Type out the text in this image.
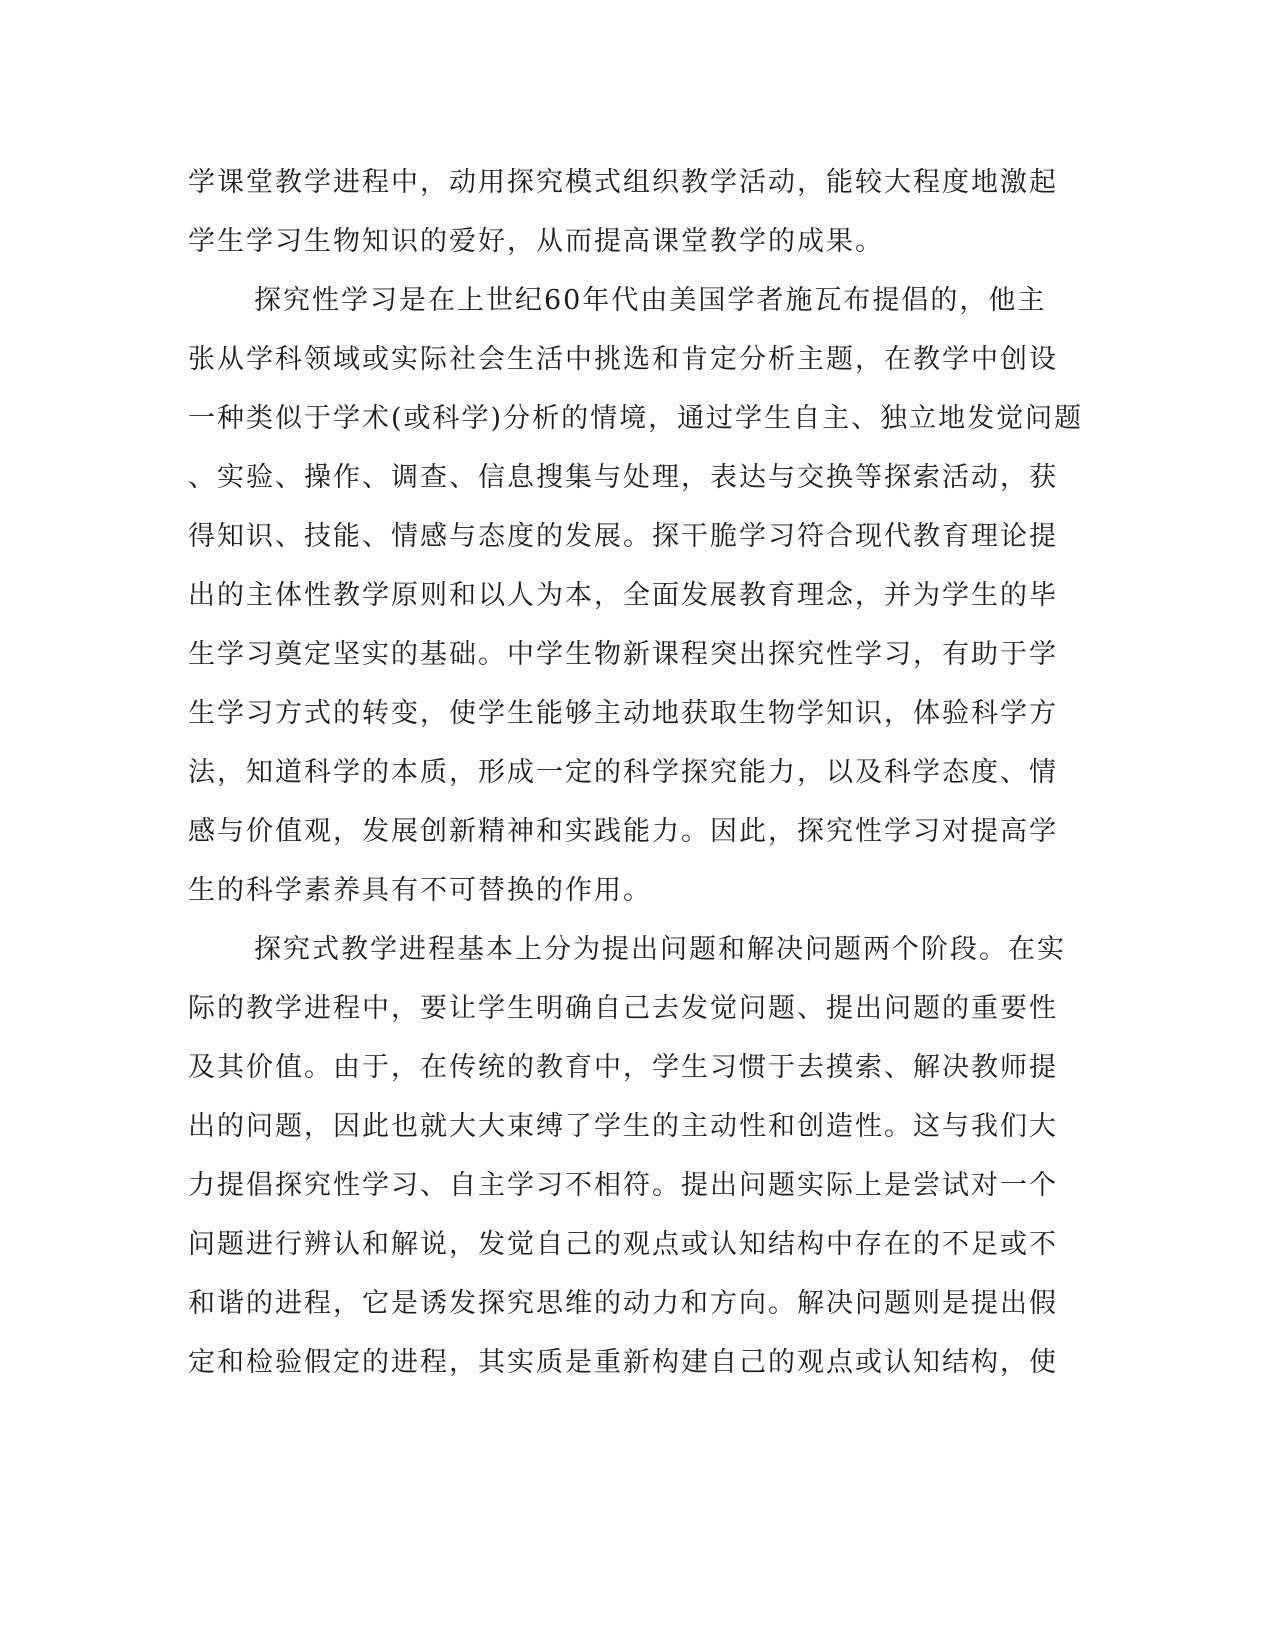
学课堂教学进程中，动用探究模式组织教学活动，能较大程度地激起

学生学习生物知识的爱好，从而提高课堂教学的成果。

探究性学习是在上世纪60年代由美国学者施瓦布提倡的，他主

张从学科领域或实际社会生活中挑选和肯定分析主题，在教学中创设

一种类似于学术(或科学)分析的情境，通过学生自主、独立地发觉问题

、实验、操作、调查、信息搜集与处理，表达与交换等探索活动，获

得知识、技能、情感与态度的发展。探干脆学习符合现代教育理论提

出的主体性教学原则和以人为本，全面发展教育理念，并为学生的毕

生学习奠定坚实的基础。中学生物新课程突出探究性学习，有助于学

生学习方式的转变，使学生能够主动地获取生物学知识，体验科学方

法，知道科学的本质，形成一定的科学探究能力，以及科学态度、情

感与价值观，发展创新精神和实践能力。因此，探究性学习对提高学

生的科学素养具有不可替换的作用。

探究式教学进程基本上分为提出问题和解决问题两个阶段。在实

际的教学进程中，要让学生明确自己去发觉问题、提出问题的重要性

及其价值。由于，在传统的教育中，学生习惯于去摸索、解决教师提

出的问题，因此也就大大束缚了学生的主动性和创造性。这与我们大

力提倡探究性学习、自主学习不相符。提出问题实际上是尝试对一个

问题进行辨认和解说，发觉自己的观点或认知结构中存在的不足或不

和谐的进程，它是诱发探究思维的动力和方向。解决问题则是提出假

定和检验假定的进程，其实质是重新构建自己的观点或认知结构，使
